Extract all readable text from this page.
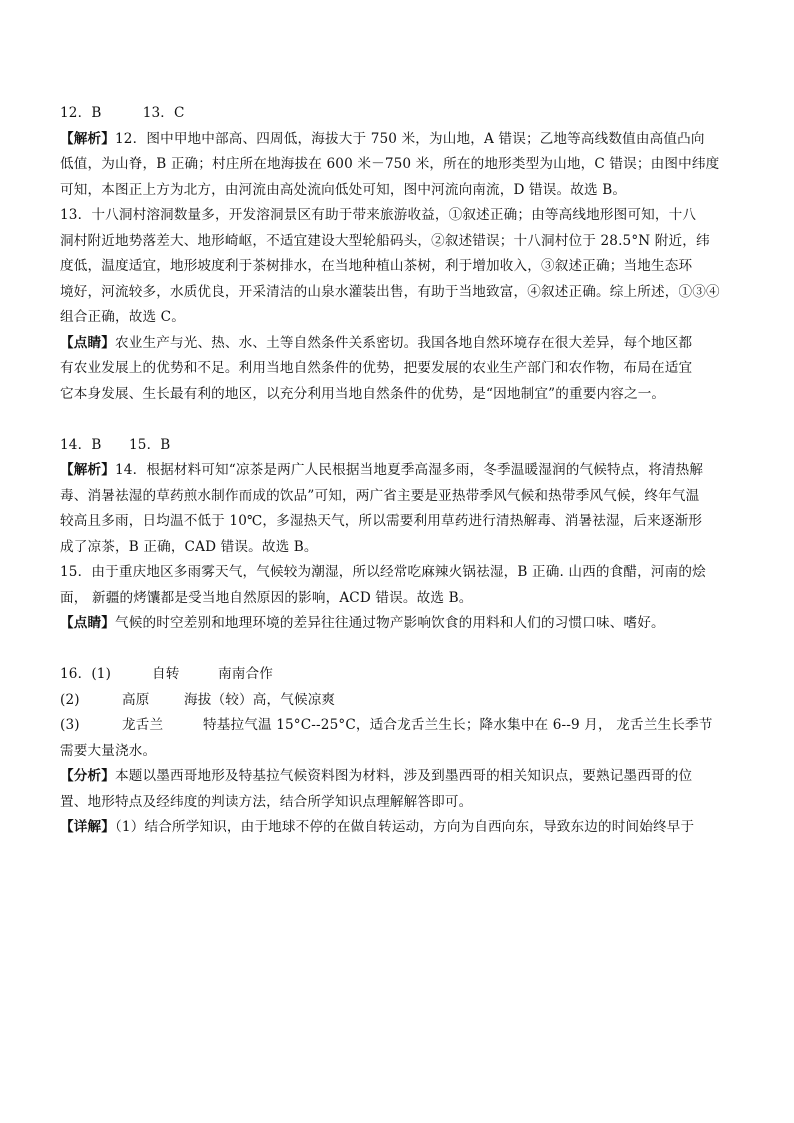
12．B　　　13．C
【解析】12．图中甲地中部高、四周低，海拔大于 750 米，为山地，A 错误；乙地等高线数值由高值凸向
低值，为山脊，B 正确；村庄所在地海拔在 600 米－750 米，所在的地形类型为山地，C 错误；由图中纬度
可知，本图正上方为北方，由河流由高处流向低处可知，图中河流向南流，D 错误。故选 B。
13．十八洞村溶洞数量多，开发溶洞景区有助于带来旅游收益，①叙述正确；由等高线地形图可知，十八
洞村附近地势落差大、地形崎岖，不适宜建设大型轮船码头，②叙述错误；十八洞村位于 28.5°N 附近，纬
度低，温度适宜，地形坡度利于茶树排水，在当地种植山茶树，利于增加收入，③叙述正确；当地生态环
境好，河流较多，水质优良，开采清洁的山泉水灌装出售，有助于当地致富，④叙述正确。综上所述，①③④
组合正确，故选 C。
【点睛】农业生产与光、热、水、土等自然条件关系密切。我国各地自然环境存在很大差异，每个地区都
有农业发展上的优势和不足。利用当地自然条件的优势，把要发展的农业生产部门和农作物，布局在适宜
它本身发展、生长最有利的地区，以充分利用当地自然条件的优势，是“因地制宜”的重要内容之一。
14．B　　15．B
【解析】14．根据材料可知“凉茶是两广人民根据当地夏季高湿多雨，冬季温暖湿润的气候特点，将清热解
毒、消暑祛湿的草药煎水制作而成的饮品”可知，两广省主要是亚热带季风气候和热带季风气候，终年气温
较高且多雨，日均温不低于 10℃，多湿热天气，所以需要利用草药进行清热解毒、消暑祛湿，后来逐渐形
成了凉茶，B 正确，CAD 错误。故选 B。
15．由于重庆地区多雨雾天气，气候较为潮湿，所以经常吃麻辣火锅祛湿，B 正确. 山西的食醋，河南的烩
面， 新疆的烤馕都是受当地自然原因的影响，ACD 错误。故选 B。
【点睛】气候的时空差别和地理环境的差异往往通过物产影响饮食的用料和人们的习惯口味、嗜好。
16．(1)	自转	南南合作
(2)	高原	海拔（较）高，气候凉爽
(3)	龙舌兰	特基拉气温 15°C--25°C，适合龙舌兰生长；降水集中在 6--9 月， 龙舌兰生长季节
需要大量浇水。
【分析】本题以墨西哥地形及特基拉气候资料图为材料，涉及到墨西哥的相关知识点，要熟记墨西哥的位
置、地形特点及经纬度的判读方法，结合所学知识点理解解答即可。
【详解】（1）结合所学知识，由于地球不停的在做自转运动，方向为自西向东，导致东边的时间始终早于
